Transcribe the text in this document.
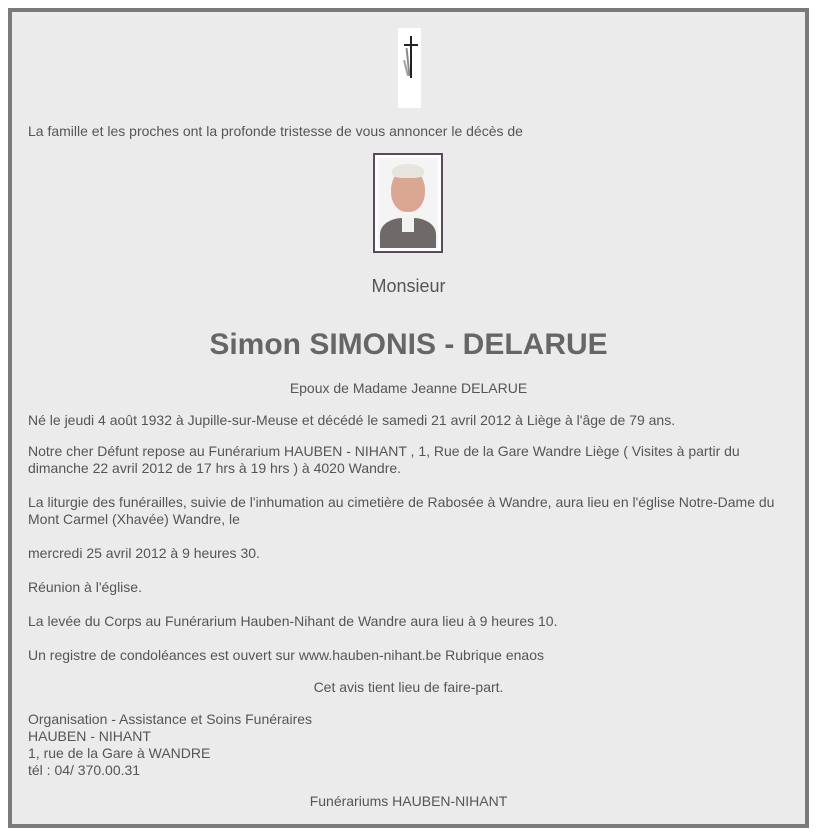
La famille et les proches ont la profonde tristesse de vous annoncer le décès de
Monsieur
Simon SIMONIS - DELARUE
Epoux de Madame Jeanne DELARUE
Né le jeudi 4 août 1932 à Jupille-sur-Meuse et décédé le samedi 21 avril 2012 à Liège à l'âge de 79 ans.
Notre cher Défunt repose au Funérarium HAUBEN - NIHANT , 1, Rue de la Gare Wandre Liège ( Visites à partir du dimanche 22 avril 2012 de 17 hrs à 19 hrs ) à 4020 Wandre.
La liturgie des funérailles, suivie de l'inhumation au cimetière de Rabosée à Wandre, aura lieu en l'église Notre-Dame du Mont Carmel (Xhavée) Wandre, le
mercredi 25 avril 2012 à 9 heures 30.
Réunion à l'église.
La levée du Corps au Funérarium Hauben-Nihant de Wandre aura lieu à 9 heures 10.
Un registre de condoléances est ouvert sur www.hauben-nihant.be Rubrique enaos
Cet avis tient lieu de faire-part.
Organisation - Assistance et Soins Funéraires
HAUBEN - NIHANT
1, rue de la Gare à WANDRE
tél : 04/ 370.00.31
Funérariums HAUBEN-NIHANT
